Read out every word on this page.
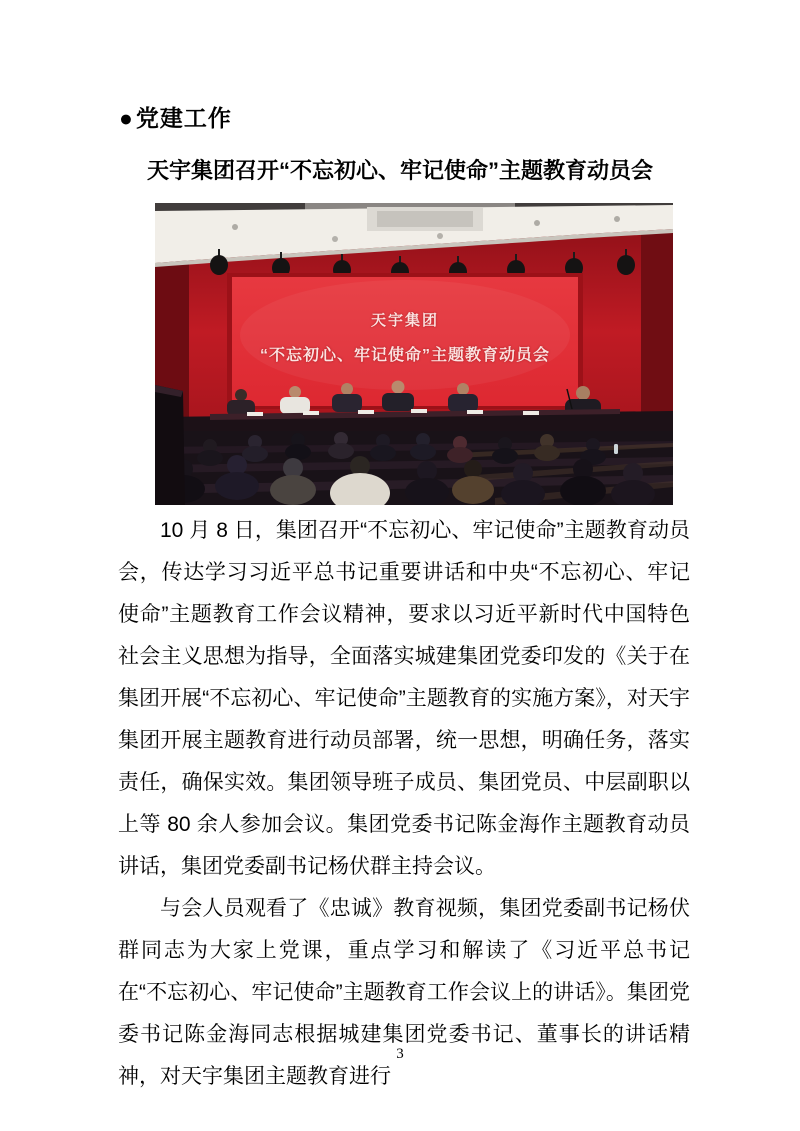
●党建工作
天宇集团召开“不忘初心、牢记使命”主题教育动员会
天宇集团
“不忘初心、牢记使命”主题教育动员会

10 月 8 日，集团召开“不忘初心、牢记使命”主题教育动员会，传达学习习近平总书记重要讲话和中央“不忘初心、牢记使命”主题教育工作会议精神，要求以习近平新时代中国特色社会主义思想为指导，全面落实城建集团党委印发的《关于在集团开展“不忘初心、牢记使命”主题教育的实施方案》，对天宇集团开展主题教育进行动员部署，统一思想，明确任务，落实责任，确保实效。集团领导班子成员、集团党员、中层副职以上等 80 余人参加会议。集团党委书记陈金海作主题教育动员讲话，集团党委副书记杨伏群主持会议。

与会人员观看了《忠诚》教育视频，集团党委副书记杨伏群同志为大家上党课，重点学习和解读了《习近平总书记在“不忘初心、牢记使命”主题教育工作会议上的讲话》。集团党委书记陈金海同志根据城建集团党委书记、董事长的讲话精神，对天宇集团主题教育进行

3
